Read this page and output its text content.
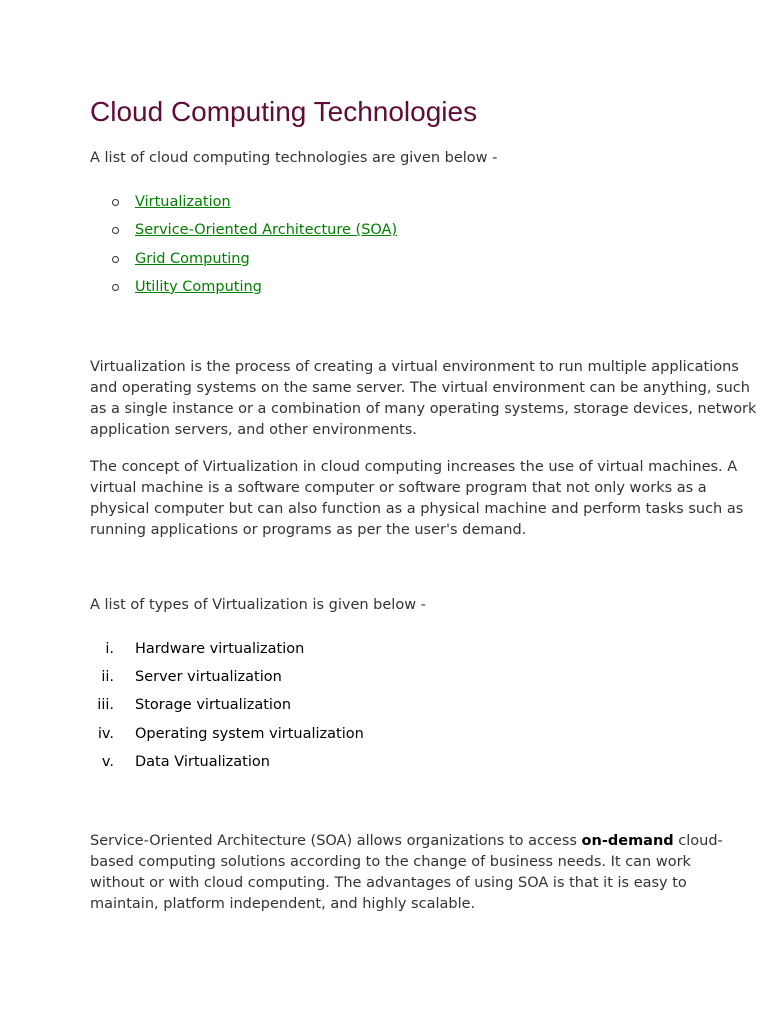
Cloud Computing Technologies

A list of cloud computing technologies are given below -

Virtualization
Service-Oriented Architecture (SOA)
Grid Computing
Utility Computing

Virtualization is the process of creating a virtual environment to run multiple applications
and operating systems on the same server. The virtual environment can be anything, such
as a single instance or a combination of many operating systems, storage devices, network
application servers, and other environments.

The concept of Virtualization in cloud computing increases the use of virtual machines. A
virtual machine is a software computer or software program that not only works as a
physical computer but can also function as a physical machine and perform tasks such as
running applications or programs as per the user's demand.

A list of types of Virtualization is given below -

i. Hardware virtualization
ii. Server virtualization
iii. Storage virtualization
iv. Operating system virtualization
v. Data Virtualization

Service-Oriented Architecture (SOA) allows organizations to access on-demand cloud-
based computing solutions according to the change of business needs. It can work
without or with cloud computing. The advantages of using SOA is that it is easy to
maintain, platform independent, and highly scalable.
